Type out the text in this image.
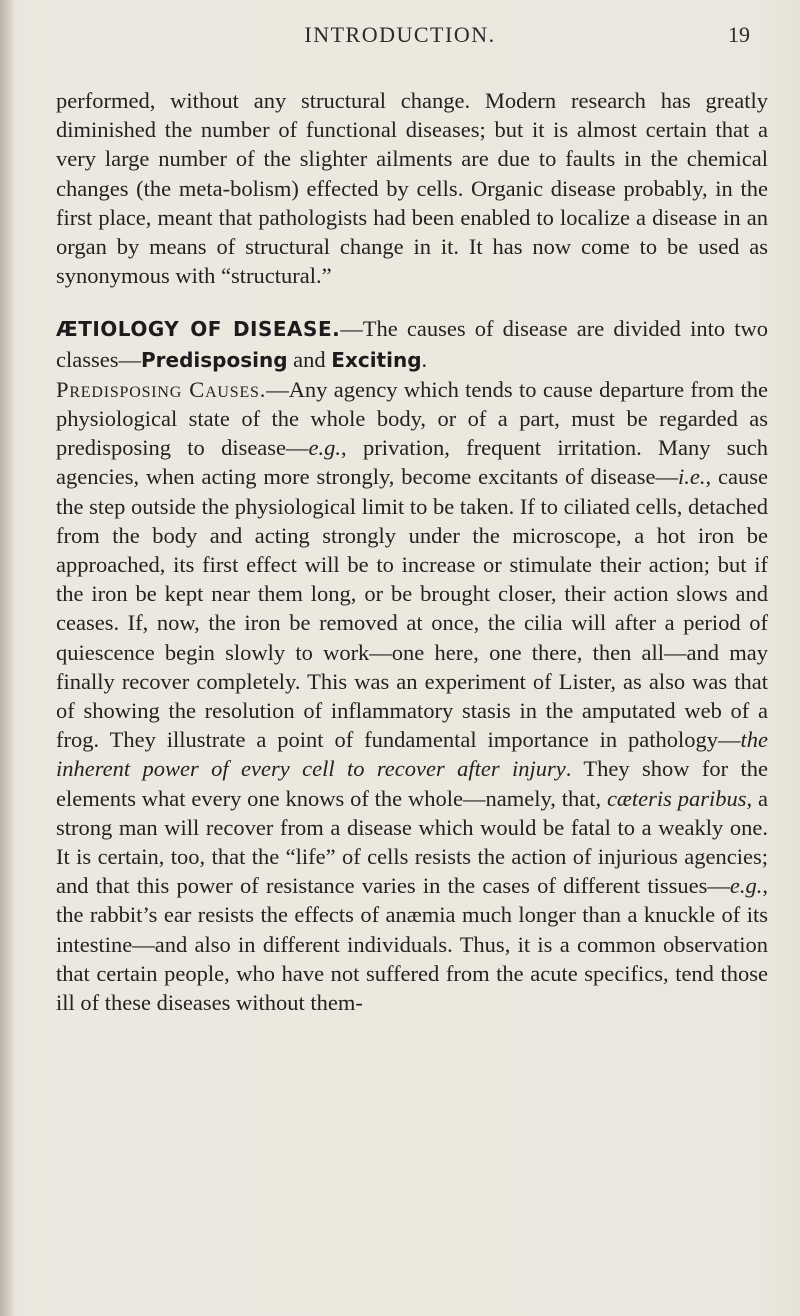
INTRODUCTION.	19

performed, without any structural change. Modern research has greatly diminished the number of functional diseases; but it is almost certain that a very large number of the slighter ailments are due to faults in the chemical changes (the meta-bolism) effected by cells. Organic disease probably, in the first place, meant that pathologists had been enabled to localize a disease in an organ by means of structural change in it. It has now come to be used as synonymous with “structural.”

ÆTIOLOGY OF DISEASE.—The causes of disease are divided into two classes—Predisposing and Exciting.

Predisposing Causes.—Any agency which tends to cause departure from the physiological state of the whole body, or of a part, must be regarded as predisposing to disease—e.g., privation, frequent irritation. Many such agencies, when acting more strongly, become excitants of disease—i.e., cause the step outside the physiological limit to be taken. If to ciliated cells, detached from the body and acting strongly under the microscope, a hot iron be approached, its first effect will be to increase or stimulate their action; but if the iron be kept near them long, or be brought closer, their action slows and ceases. If, now, the iron be removed at once, the cilia will after a period of quiescence begin slowly to work—one here, one there, then all—and may finally recover completely. This was an experiment of Lister, as also was that of showing the resolution of inflammatory stasis in the amputated web of a frog. They illustrate a point of fundamental importance in pathology—the inherent power of every cell to recover after injury. They show for the elements what every one knows of the whole—namely, that, cæteris paribus, a strong man will recover from a disease which would be fatal to a weakly one. It is certain, too, that the “life” of cells resists the action of injurious agencies; and that this power of resistance varies in the cases of different tissues—e.g., the rabbit’s ear resists the effects of anæmia much longer than a knuckle of its intestine—and also in different individuals. Thus, it is a common observation that certain people, who have not suffered from the acute specifics, tend those ill of these diseases without them-
